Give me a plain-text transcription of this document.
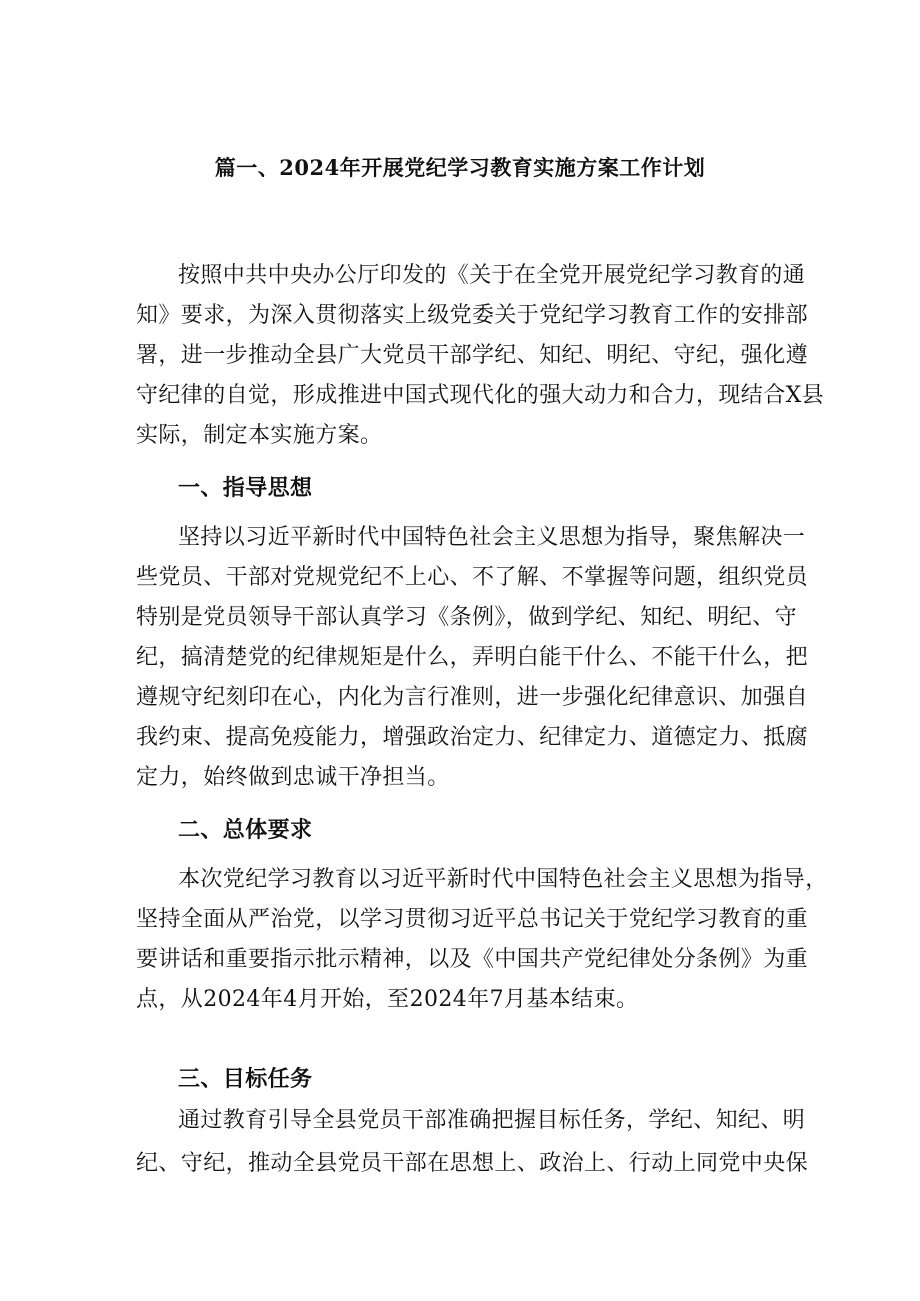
篇一、2024年开展党纪学习教育实施方案工作计划
按照中共中央办公厅印发的《关于在全党开展党纪学习教育的通
知》要求，为深入贯彻落实上级党委关于党纪学习教育工作的安排部
署，进一步推动全县广大党员干部学纪、知纪、明纪、守纪，强化遵
守纪律的自觉，形成推进中国式现代化的强大动力和合力，现结合X县
实际，制定本实施方案。
一、指导思想
坚持以习近平新时代中国特色社会主义思想为指导，聚焦解决一
些党员、干部对党规党纪不上心、不了解、不掌握等问题，组织党员
特别是党员领导干部认真学习《条例》，做到学纪、知纪、明纪、守
纪，搞清楚党的纪律规矩是什么，弄明白能干什么、不能干什么，把
遵规守纪刻印在心，内化为言行准则，进一步强化纪律意识、加强自
我约束、提高免疫能力，增强政治定力、纪律定力、道德定力、抵腐
定力，始终做到忠诚干净担当。
二、总体要求
本次党纪学习教育以习近平新时代中国特色社会主义思想为指导，
坚持全面从严治党，以学习贯彻习近平总书记关于党纪学习教育的重
要讲话和重要指示批示精神，以及《中国共产党纪律处分条例》为重
点，从2024年4月开始，至2024年7月基本结束。
三、目标任务
通过教育引导全县党员干部准确把握目标任务，学纪、知纪、明
纪、守纪，推动全县党员干部在思想上、政治上、行动上同党中央保
